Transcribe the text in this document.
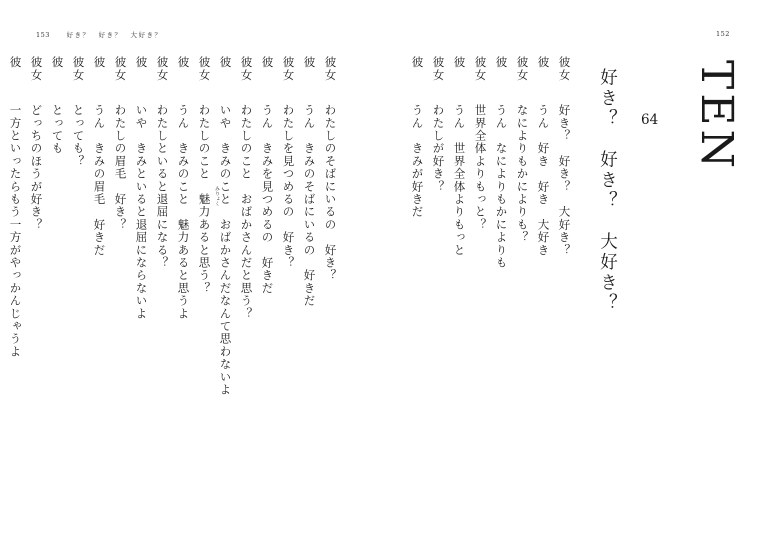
153	好き？　好き？　大好き？	152
TEN
64
好き？　好き？　大好き？
彼女
好き？　好き？　大好き？
彼
うん　好き　好き　大好き
彼女
なによりもかによりも？
彼
うん　なによりもかによりも
彼女
世界全体よりもっと？
彼
うん　世界全体よりもっと
彼女
わたしが好き？
彼
うん　きみが好きだ
彼女
わたしのそばにいるの　好き？
彼
うん　きみのそばにいるの　好きだ
彼女
わたしを見つめるの　好き？
彼
うん　きみを見つめるの　好きだ
彼女
わたしのこと　おばかさんだと思う？
彼
いや　きみのこと　おばかさんだなんて思わないよ
彼女
わたしのこと　魅力あると思う？ みりょく
彼
うん　きみのこと　魅力あると思うよ
彼女
わたしといると退屈になる？
彼
いや　きみといると退屈にならないよ
彼女
わたしの眉毛　好き？
彼
うん　きみの眉毛　好きだ
彼女
とっても？
彼
とっても
彼女
どっちのほうが好き？
彼
一方といったらもう一方がやっかんじゃうよ
